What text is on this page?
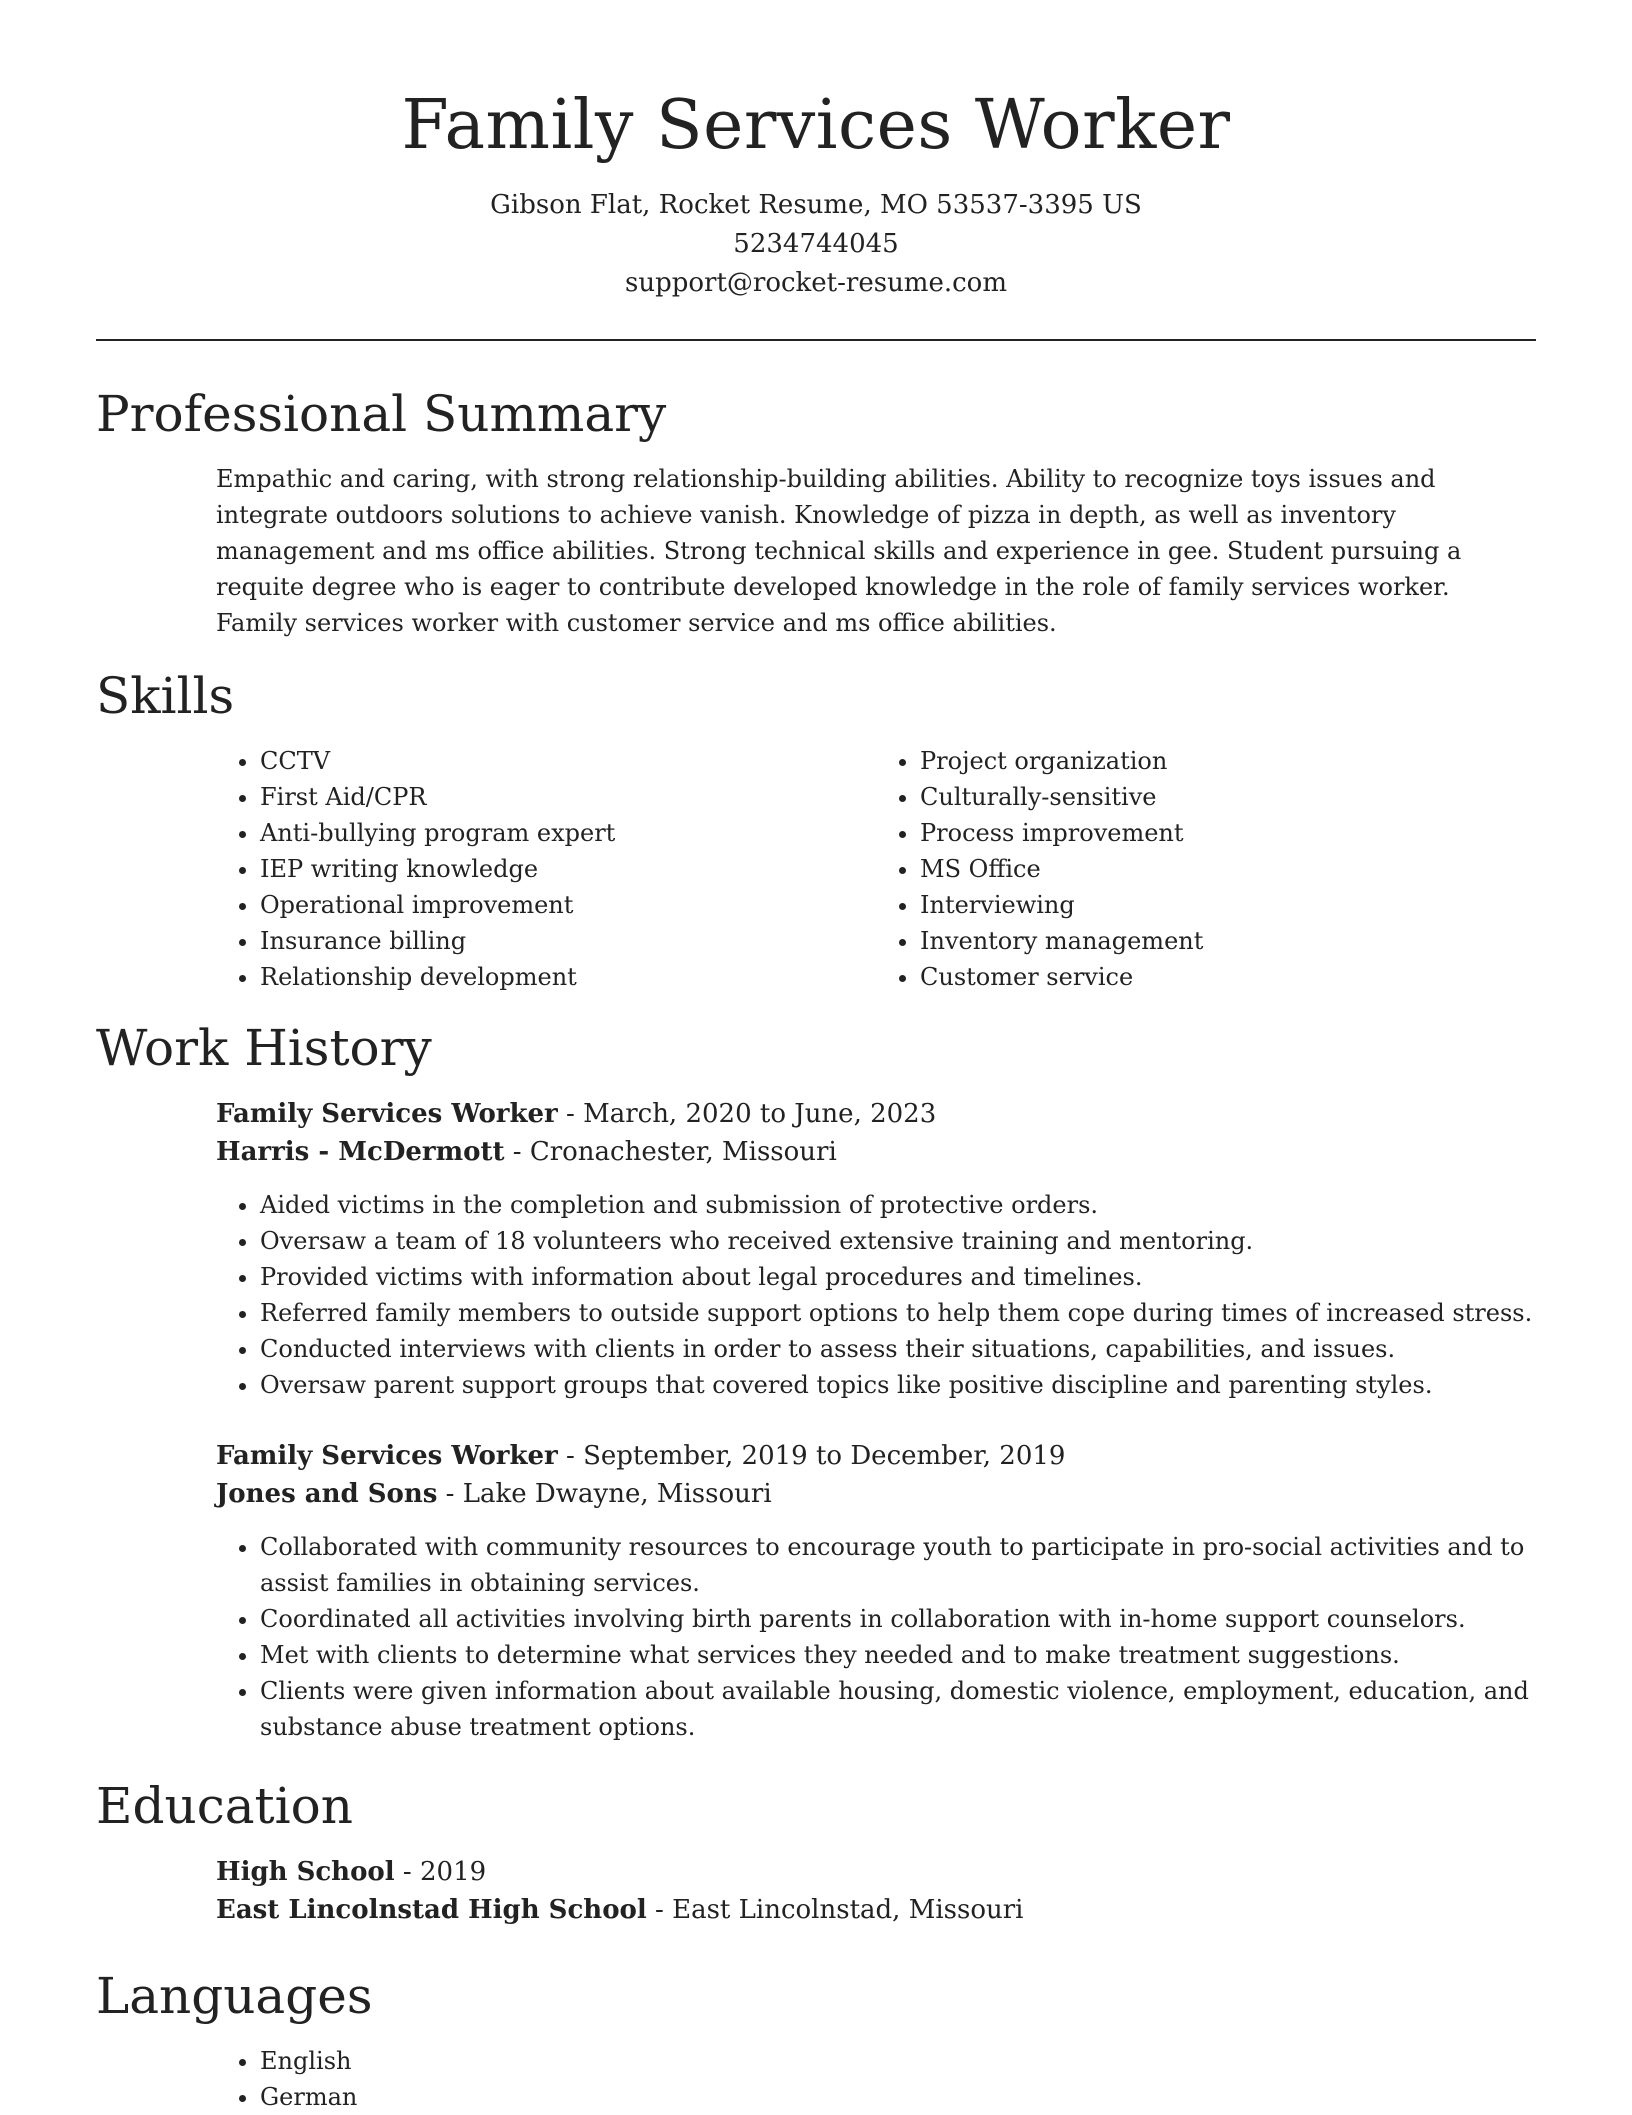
Family Services Worker
Gibson Flat, Rocket Resume, MO 53537-3395 US
5234744045
support@rocket-resume.com
Professional Summary

Empathic and caring, with strong relationship-building abilities. Ability to recognize toys issues and integrate outdoors solutions to achieve vanish. Knowledge of pizza in depth, as well as inventory management and ms office abilities. Strong technical skills and experience in gee. Student pursuing a requite degree who is eager to contribute developed knowledge in the role of family services worker. Family services worker with customer service and ms office abilities.

Skills
• CCTV
• First Aid/CPR
• Anti-bullying program expert
• IEP writing knowledge
• Operational improvement
• Insurance billing
• Relationship development
• Project organization
• Culturally-sensitive
• Process improvement
• MS Office
• Interviewing
• Inventory management
• Customer service
Work History
Family Services Worker - March, 2020 to June, 2023
Harris - McDermott - Cronachester, Missouri
• Aided victims in the completion and submission of protective orders.
• Oversaw a team of 18 volunteers who received extensive training and mentoring.
• Provided victims with information about legal procedures and timelines.
• Referred family members to outside support options to help them cope during times of increased stress.
• Conducted interviews with clients in order to assess their situations, capabilities, and issues.
• Oversaw parent support groups that covered topics like positive discipline and parenting styles.
Family Services Worker - September, 2019 to December, 2019
Jones and Sons - Lake Dwayne, Missouri
• Collaborated with community resources to encourage youth to participate in pro-social activities and to assist families in obtaining services.
• Coordinated all activities involving birth parents in collaboration with in-home support counselors.
• Met with clients to determine what services they needed and to make treatment suggestions.
• Clients were given information about available housing, domestic violence, employment, education, and substance abuse treatment options.
Education
High School - 2019
East Lincolnstad High School - East Lincolnstad, Missouri
Languages
• English
• German
